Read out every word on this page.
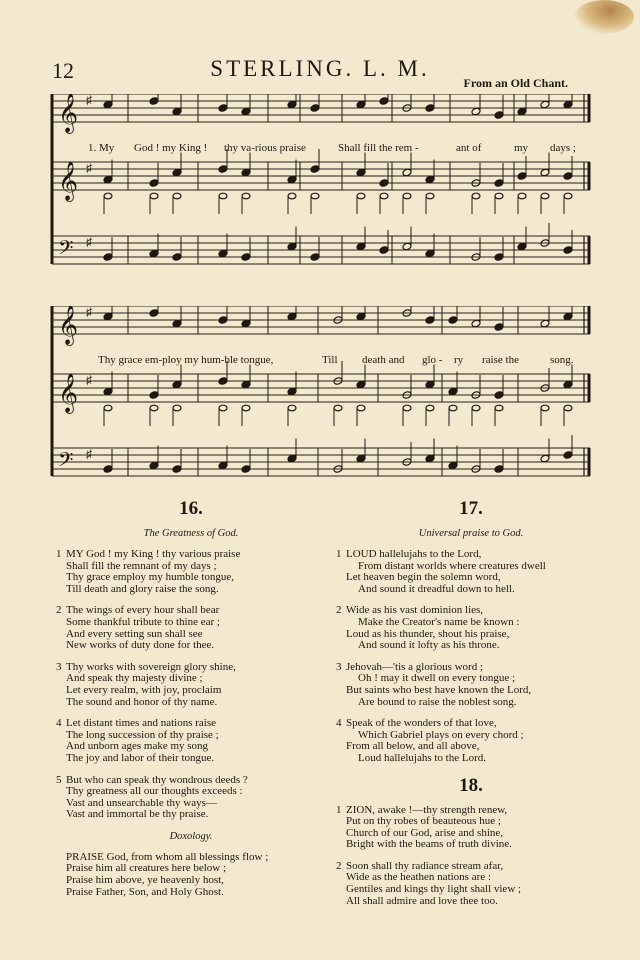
12	STERLING. L. M.
From an Old Chant.
𝄞 ♯
𝄞 ♯
𝄢 ♯
1. My God ! my King ! thy va-rious praise	Shall fill the rem -	ant of	my days ;
𝄞 ♯
𝄞 ♯
𝄢 ♯
Thy grace em-ploy my hum-ble tongue,	Till death and glo - ry raise the	song.
16.
The Greatness of God.
1 MY God ! my King ! thy various praise
Shall fill the remnant of my days ;
Thy grace employ my humble tongue,
Till death and glory raise the song.
2 The wings of every hour shall bear
Some thankful tribute to thine ear ;
And every setting sun shall see
New works of duty done for thee.
3 Thy works with sovereign glory shine,
And speak thy majesty divine ;
Let every realm, with joy, proclaim
The sound and honor of thy name.
4 Let distant times and nations raise
The long succession of thy praise ;
And unborn ages make my song
The joy and labor of their tongue.
5 But who can speak thy wondrous deeds ?
Thy greatness all our thoughts exceeds :
Vast and unsearchable thy ways—
Vast and immortal be thy praise.
Doxology.
PRAISE God, from whom all blessings flow ;
Praise him all creatures here below ;
Praise him above, ye heavenly host,
Praise Father, Son, and Holy Ghost.
17.
Universal praise to God.
1 LOUD hallelujahs to the Lord,
From distant worlds where creatures dwell
Let heaven begin the solemn word,
And sound it dreadful down to hell.
2 Wide as his vast dominion lies,
Make the Creator's name be known :
Loud as his thunder, shout his praise,
And sound it lofty as his throne.
3 Jehovah—'tis a glorious word ;
Oh ! may it dwell on every tongue ;
But saints who best have known the Lord,
Are bound to raise the noblest song.
4 Speak of the wonders of that love,
Which Gabriel plays on every chord ;
From all below, and all above,
Loud hallelujahs to the Lord.
18.
1 ZION, awake !—thy strength renew,
Put on thy robes of beauteous hue ;
Church of our God, arise and shine,
Bright with the beams of truth divine.
2 Soon shall thy radiance stream afar,
Wide as the heathen nations are :
Gentiles and kings thy light shall view ;
All shall admire and love thee too.
